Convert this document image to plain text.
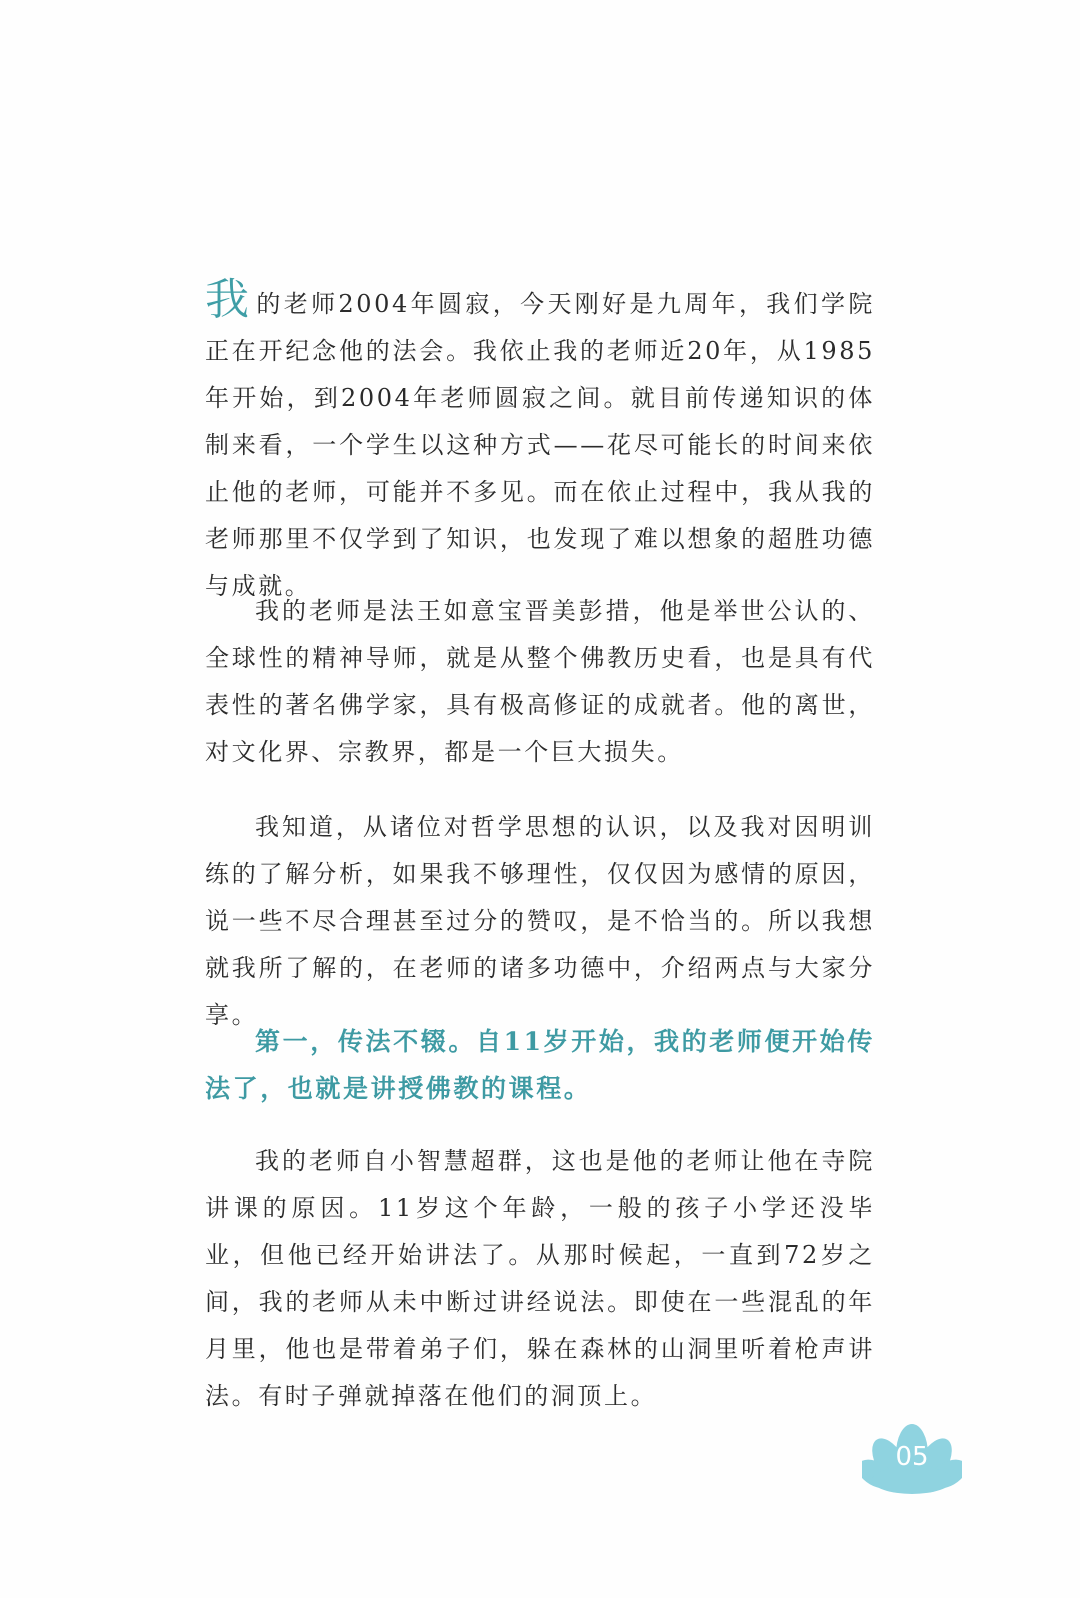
我的老师2004年圆寂，今天刚好是九周年，我们学院正在开纪念他的法会。我依止我的老师近20年，从1985年开始，到2004年老师圆寂之间。就目前传递知识的体制来看，一个学生以这种方式——花尽可能长的时间来依止他的老师，可能并不多见。而在依止过程中，我从我的老师那里不仅学到了知识，也发现了难以想象的超胜功德与成就。

我的老师是法王如意宝晋美彭措，他是举世公认的、全球性的精神导师，就是从整个佛教历史看，也是具有代表性的著名佛学家，具有极高修证的成就者。他的离世，对文化界、宗教界，都是一个巨大损失。

我知道，从诸位对哲学思想的认识，以及我对因明训练的了解分析，如果我不够理性，仅仅因为感情的原因，说一些不尽合理甚至过分的赞叹，是不恰当的。所以我想就我所了解的，在老师的诸多功德中，介绍两点与大家分享。

第一，传法不辍。自11岁开始，我的老师便开始传法了，也就是讲授佛教的课程。

我的老师自小智慧超群，这也是他的老师让他在寺院讲课的原因。11岁这个年龄，一般的孩子小学还没毕业，但他已经开始讲法了。从那时候起，一直到72岁之间，我的老师从未中断过讲经说法。即使在一些混乱的年月里，他也是带着弟子们，躲在森林的山洞里听着枪声讲法。有时子弹就掉落在他们的洞顶上。

05
